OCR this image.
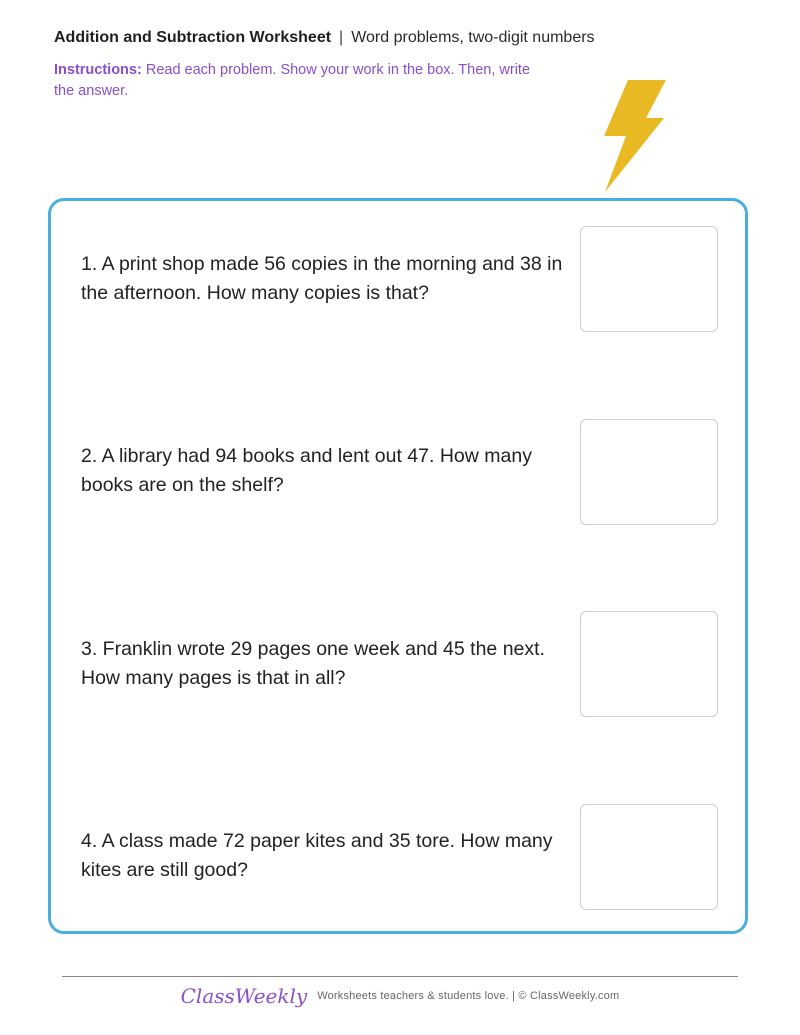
Addition and Subtraction Worksheet | Word problems, two-digit numbers
Instructions: Read each problem. Show your work in the box. Then, write the answer.
1. A print shop made 56 copies in the morning and 38 in the afternoon. How many copies is that?
2. A library had 94 books and lent out 47. How many books are on the shelf?
3. Franklin wrote 29 pages one week and 45 the next. How many pages is that in all?
4. A class made 72 paper kites and 35 tore. How many kites are still good?
ClassWeekly Worksheets teachers & students love. | © ClassWeekly.com
